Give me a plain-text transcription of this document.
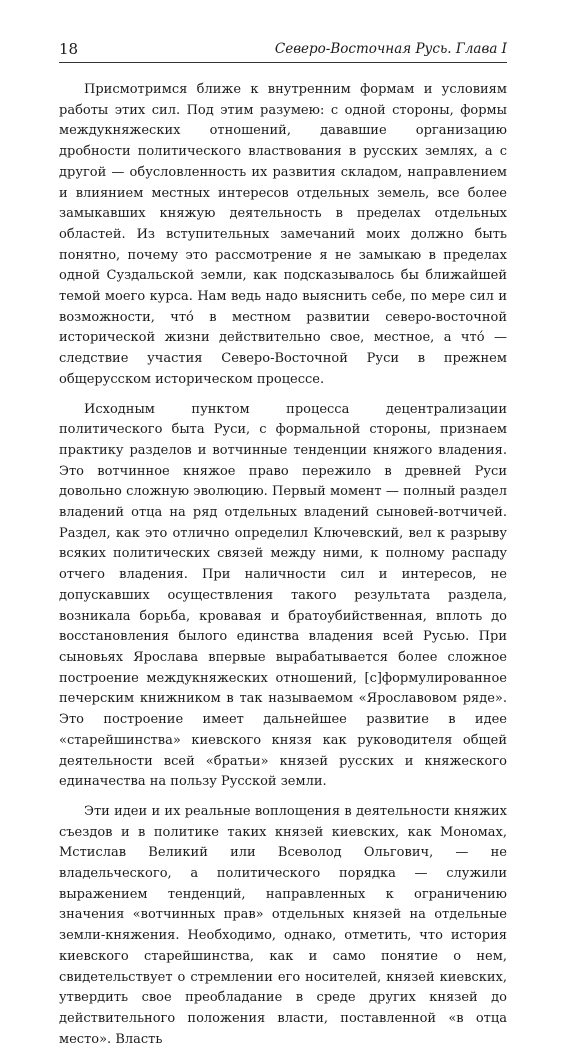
18	Северо-Восточная Русь. Глава I

Присмотримся ближе к внутренним формам и условиям работы этих сил. Под этим разумею: с одной стороны, формы междукняжеских отношений, дававшие организацию дробности политического властвования в русских землях, а с другой — обусловленность их развития складом, направлением и влиянием местных интересов отдельных земель, все более замыкавших княжую деятельность в пределах отдельных областей. Из вступительных замечаний моих должно быть понятно, почему это рассмотрение я не замыкаю в пределах одной Суздальской земли, как подсказывалось бы ближайшей темой моего курса. Нам ведь надо выяснить себе, по мере сил и возможности, что́ в местном развитии северо-восточной исторической жизни действительно свое, местное, а что́ — следствие участия Северо-Восточной Руси в прежнем общерусском историческом процессе.

Исходным пунктом процесса децентрализации политического быта Руси, с формальной стороны, признаем практику разделов и вотчинные тенденции княжого владения. Это вотчинное княжое право пережило в древней Руси довольно сложную эволюцию. Первый момент — полный раздел владений отца на ряд отдельных владений сыновей-вотчичей. Раздел, как это отлично определил Ключевский, вел к разрыву всяких политических связей между ними, к полному распаду отчего владения. При наличности сил и интересов, не допускавших осуществления такого результата раздела, возникала борьба, кровавая и братоубийственная, вплоть до восстановления былого единства владения всей Русью. При сыновьях Ярослава впервые вырабатывается более сложное построение междукняжеских отношений, [с]формулированное печерским книжником в так называемом «Ярославовом ряде». Это построение имеет дальнейшее развитие в идее «старейшинства» киевского князя как руководителя общей деятельности всей «братьи» князей русских и княжеского единачества на пользу Русской земли.

Эти идеи и их реальные воплощения в деятельности княжих съездов и в политике таких князей киевских, как Мономах, Мстислав Великий или Всеволод Ольгович, — не владельческого, а политического порядка — служили выражением тенденций, направленных к ограничению значения «вотчинных прав» отдельных князей на отдельные земли-княжения. Необходимо, однако, отметить, что история киевского старейшинства, как и само понятие о нем, свидетельствует о стремлении его носителей, князей киевских, утвердить свое преобладание в среде других князей до действительного положения власти, поставленной «в отца место». Власть
